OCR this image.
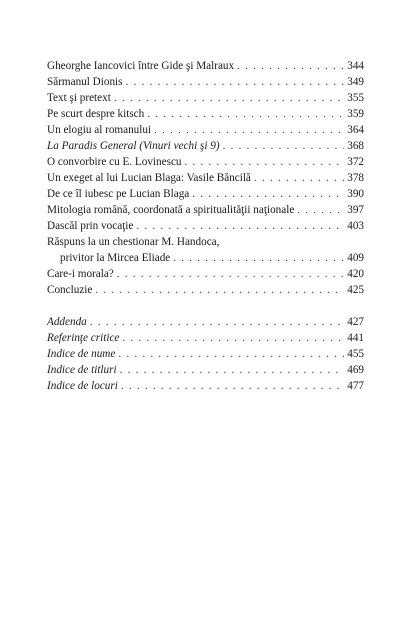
Gheorghe Iancovici între Gide şi Malraux . . .	344
Sărmanul Dionis . . .	349
Text şi pretext . . .	355
Pe scurt despre kitsch . . .	359
Un elogiu al romanului . . .	364
La Paradis General (Vinuri vechi şi 9) . . .	368
O convorbire cu E. Lovinescu . . .	372
Un exeget al lui Lucian Blaga: Vasile Băncilă . . .	378
De ce îl iubesc pe Lucian Blaga . . .	390
Mitologia română, coordonată a spiritualităţii naţionale . . .	397
Dascăl prin vocaţie . . .	403
Răspuns la un chestionar M. Handoca,
privitor la Mircea Eliade . . .	409
Care-i morala? . . .	420
Concluzie . . .	425
Addenda . . .	427
Referinţe critice . . .	441
Indice de nume . . .	455
Indice de titluri . . .	469
Indice de locuri . . .	477
